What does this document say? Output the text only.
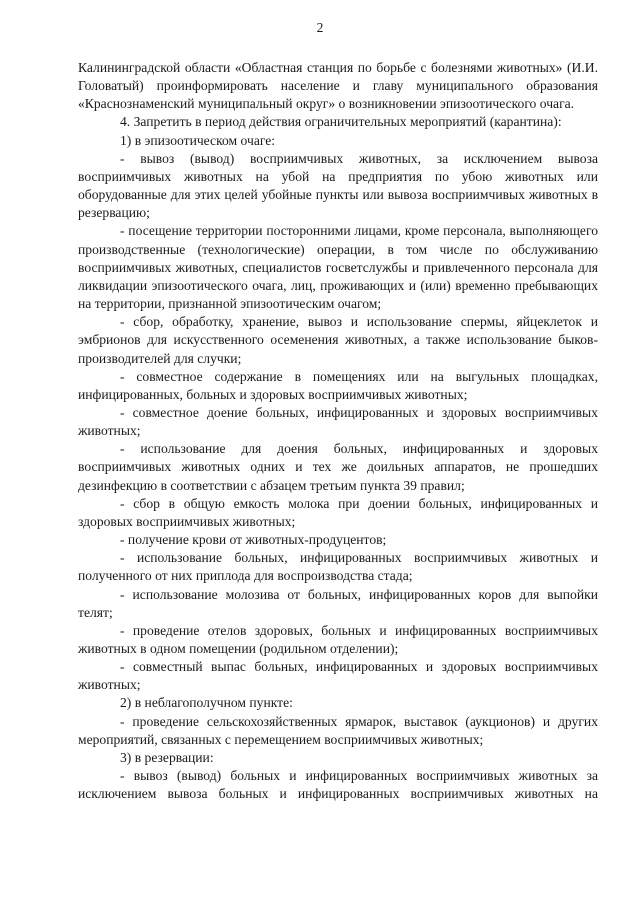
2

Калининградской области «Областная станция по борьбе с болезнями животных» (И.И. Головатый) проинформировать население и главу муниципального образования «Краснознаменский муниципальный округ» о возникновении эпизоотического очага.

4. Запретить в период действия ограничительных мероприятий (карантина):

1) в эпизоотическом очаге:

- вывоз (вывод) восприимчивых животных, за исключением вывоза восприимчивых животных на убой на предприятия по убою животных или оборудованные для этих целей убойные пункты или вывоза восприимчивых животных в резервацию;

- посещение территории посторонними лицами, кроме персонала, выполняющего производственные (технологические) операции, в том числе по обслуживанию восприимчивых животных, специалистов госветслужбы и привлеченного персонала для ликвидации эпизоотического очага, лиц, проживающих и (или) временно пребывающих на территории, признанной эпизоотическим очагом;

- сбор, обработку, хранение, вывоз и использование спермы, яйцеклеток и эмбрионов для искусственного осеменения животных, а также использование быков-производителей для случки;

- совместное содержание в помещениях или на выгульных площадках, инфицированных, больных и здоровых восприимчивых животных;

- совместное доение больных, инфицированных и здоровых восприимчивых животных;

- использование для доения больных, инфицированных и здоровых восприимчивых животных одних и тех же доильных аппаратов, не прошедших дезинфекцию в соответствии с абзацем третьим пункта 39 правил;

- сбор в общую емкость молока при доении больных, инфицированных и здоровых восприимчивых животных;

- получение крови от животных-продуцентов;

- использование больных, инфицированных восприимчивых животных и полученного от них приплода для воспроизводства стада;

- использование молозива от больных, инфицированных коров для выпойки телят;

- проведение отелов здоровых, больных и инфицированных восприимчивых животных в одном помещении (родильном отделении);

- совместный выпас больных, инфицированных и здоровых восприимчивых животных;

2) в неблагополучном пункте:

- проведение сельскохозяйственных ярмарок, выставок (аукционов) и других мероприятий, связанных с перемещением восприимчивых животных;

3) в резервации:

- вывоз (вывод) больных и инфицированных восприимчивых животных за исключением вывоза больных и инфицированных восприимчивых животных на
